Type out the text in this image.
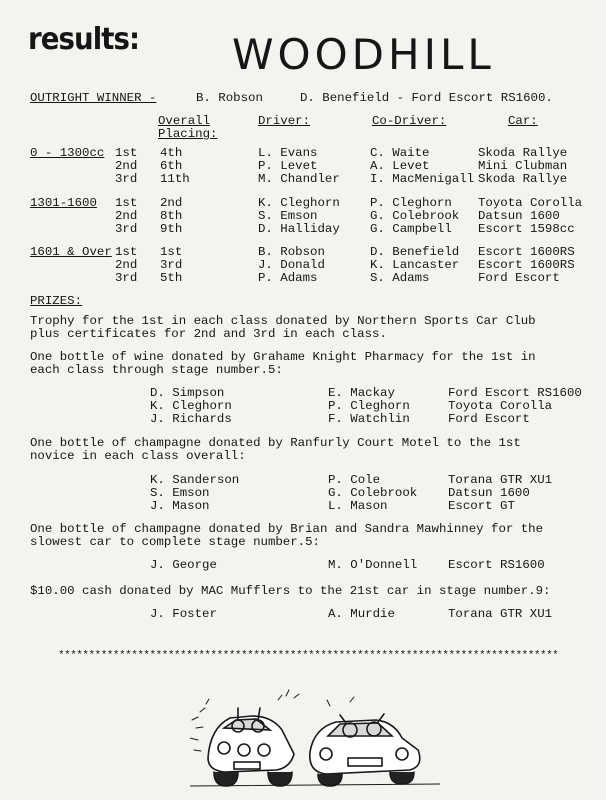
results: WOODHILL
OUTRIGHT WINNER -	B. Robson	D. Benefield - Ford Escort RS1600.
Overall
Placing:
Driver:	Co-Driver:	Car:
0 - 1300cc 1st 4th	L. Evans	C. Waite	Skoda Rallye
2nd 6th	P. Levet	A. Levet	Mini Clubman
3rd 11th	M. Chandler I. MacMenigall Skoda Rallye
1301-1600 1st 2nd	K. Cleghorn P. Cleghorn Toyota Corolla
2nd 8th	S. Emson	G. Colebrook Datsun 1600
3rd 9th	D. Halliday G. Campbell Escort 1598cc
1601 & Over 1st 1st	B. Robson	D. Benefield Escort 1600RS
2nd 3rd	J. Donald	K. Lancaster Escort 1600RS
3rd 5th	P. Adams	S. Adams	Ford Escort
PRIZES:
Trophy for the 1st in each class donated by Northern Sports Car Club
plus certificates for 2nd and 3rd in each class.
One bottle of wine donated by Grahame Knight Pharmacy for the 1st in
each class through stage number.5:
D. Simpson	E. Mackay	Ford Escort RS1600
K. Cleghorn	P. Cleghorn	Toyota Corolla
J. Richards	F. Watchlin	Ford Escort
One bottle of champagne donated by Ranfurly Court Motel to the 1st
novice in each class overall:
K. Sanderson	P. Cole	Torana GTR XU1
S. Emson	G. Colebrook Datsun 1600
J. Mason	L. Mason	Escort GT
One bottle of champagne donated by Brian and Sandra Mawhinney for the
slowest car to complete stage number.5:
J. George	M. O'Donnell Escort RS1600
$10.00 cash donated by MAC Mufflers to the 21st car in stage number.9:
J. Foster	A. Murdie	Torana GTR XU1
**********************************************************************************
